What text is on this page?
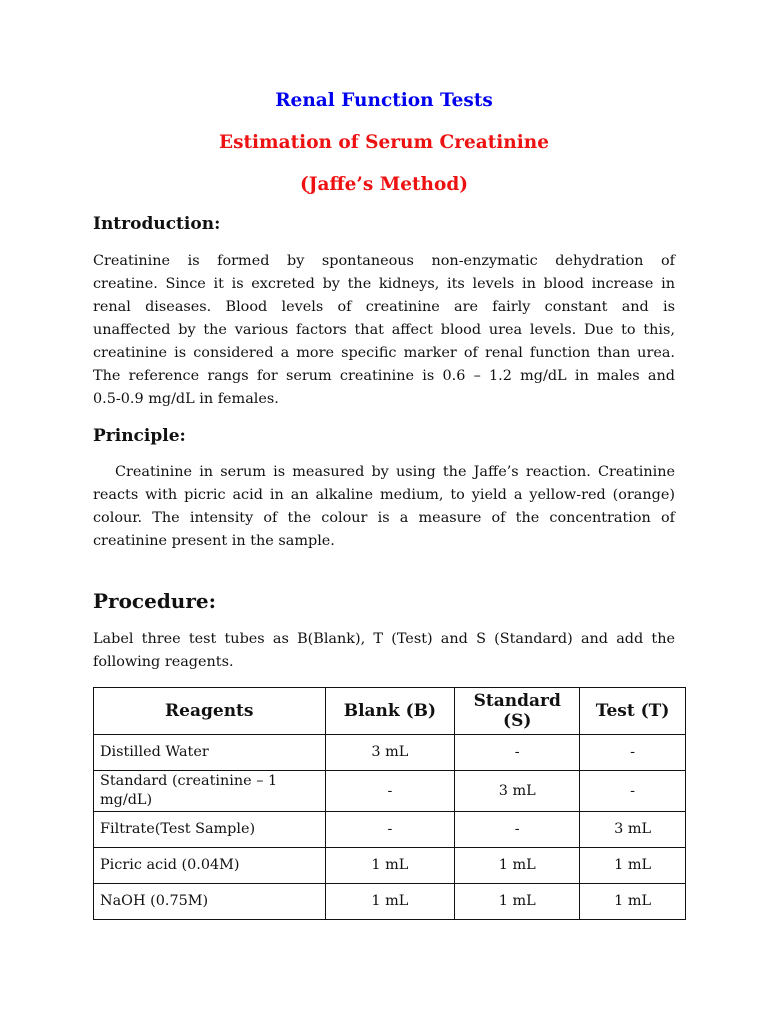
Renal Function Tests
Estimation of Serum Creatinine
(Jaffe’s Method)
Introduction:
Creatinine is formed by spontaneous non-enzymatic dehydration of
creatine. Since it is excreted by the kidneys, its levels in blood increase in
renal diseases. Blood levels of creatinine are fairly constant and is
unaffected by the various factors that affect blood urea levels. Due to this,
creatinine is considered a more specific marker of renal function than urea.
The reference rangs for serum creatinine is 0.6 – 1.2 mg/dL in males and
0.5-0.9 mg/dL in females.
Principle:
Creatinine in serum is measured by using the Jaffe’s reaction. Creatinine
reacts with picric acid in an alkaline medium, to yield a yellow-red (orange)
colour. The intensity of the colour is a measure of the concentration of
creatinine present in the sample.
Procedure:
Label three test tubes as B(Blank), T (Test) and S (Standard) and add the
following reagents.
Reagents	Blank (B)	Standard (S)	Test (T)
Distilled Water	3 mL	-	-
Standard (creatinine – 1 mg/dL)	-	3 mL	-
Filtrate(Test Sample)	-	-	3 mL
Picric acid (0.04M)	1 mL	1 mL	1 mL
NaOH (0.75M)	1 mL	1 mL	1 mL
